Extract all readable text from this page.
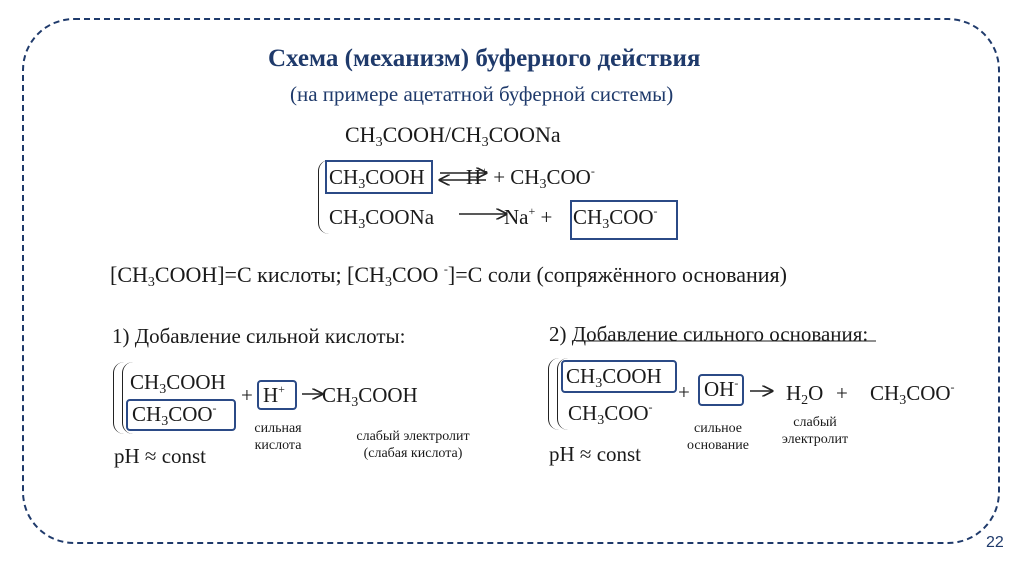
Схема (механизм) буферного действия
(на примере ацетатной буферной системы)
$CH_3COOH/CH_3COONa$
$CH_3COOH$ $H^+ + CH_3COO^-$
$CH_3COONa$	$Na^+ + CH_3COO^-$
$[CH_3COOH]=С$ кислоты; [$CH_3COO$ -]=С соли (сопряжённого основания)
1) Добавление сильной кислоты:
$CH_3COOH$
$CH_3COO^-$
+ H+ $CH_3COOH$
сильная
кислота
слабый электролит
(слабая кислота)
pH ≈ const
2) Добавление сильного основания:
$CH_3COOH$
$CH_3COO^-$
+ OH- $H_2O + CH_3COO^-$
сильное
основание
слабый
электролит
pH ≈ const
22
